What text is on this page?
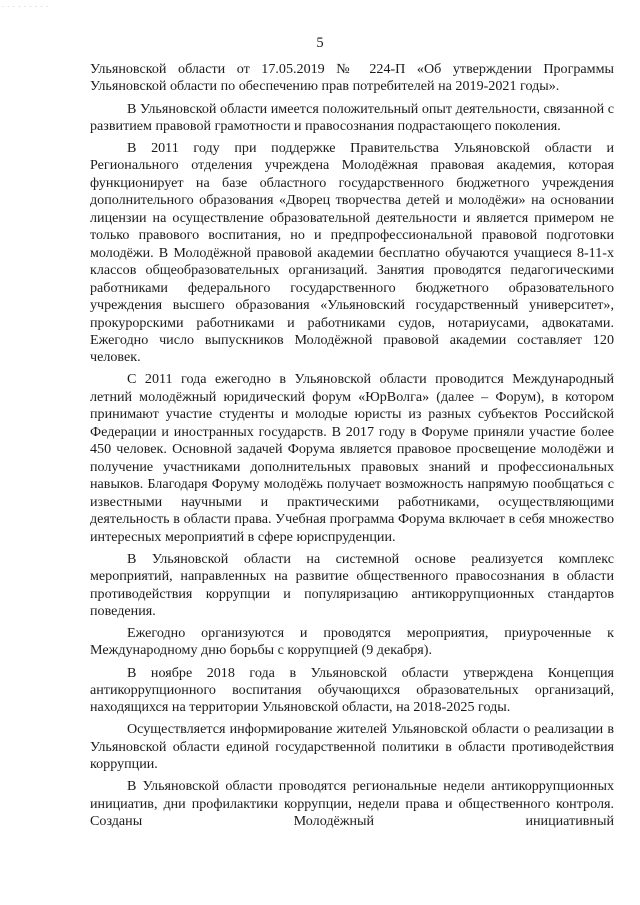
- - - - - - - - -
5

Ульяновской области от 17.05.2019 № 224-П «Об утверждении Программы Ульяновской области по обеспечению прав потребителей на 2019-2021 годы».

В Ульяновской области имеется положительный опыт деятельности, связанной с развитием правовой грамотности и правосознания подрастающего поколения.

В 2011 году при поддержке Правительства Ульяновской области и Регионального отделения учреждена Молодёжная правовая академия, которая функционирует на базе областного государственного бюджетного учреждения дополнительного образования «Дворец творчества детей и молодёжи» на основании лицензии на осуществление образовательной деятельности и является примером не только правового воспитания, но и предпрофессиональной правовой подготовки молодёжи. В Молодёжной правовой академии бесплатно обучаются учащиеся 8-11-х классов общеобразовательных организаций. Занятия проводятся педагогическими работниками федерального государственного бюджетного образовательного учреждения высшего образования «Ульяновский государственный университет», прокурорскими работниками и работниками судов, нотариусами, адвокатами. Ежегодно число выпускников Молодёжной правовой академии составляет 120 человек.

С 2011 года ежегодно в Ульяновской области проводится Международный летний молодёжный юридический форум «ЮрВолга» (далее – Форум), в котором принимают участие студенты и молодые юристы из разных субъектов Российской Федерации и иностранных государств. В 2017 году в Форуме приняли участие более 450 человек. Основной задачей Форума является правовое просвещение молодёжи и получение участниками дополнительных правовых знаний и профессиональных навыков. Благодаря Форуму молодёжь получает возможность напрямую пообщаться с известными научными и практическими работниками, осуществляющими деятельность в области права. Учебная программа Форума включает в себя множество интересных мероприятий в сфере юриспруденции.

В Ульяновской области на системной основе реализуется комплекс мероприятий, направленных на развитие общественного правосознания в области противодействия коррупции и популяризацию антикоррупционных стандартов поведения.

Ежегодно организуются и проводятся мероприятия, приуроченные к Международному дню борьбы с коррупцией (9 декабря).

В ноябре 2018 года в Ульяновской области утверждена Концепция антикоррупционного воспитания обучающихся образовательных организаций, находящихся на территории Ульяновской области, на 2018-2025 годы.

Осуществляется информирование жителей Ульяновской области о реализации в Ульяновской области единой государственной политики в области противодействия коррупции.

В Ульяновской области проводятся региональные недели антикоррупционных инициатив, дни профилактики коррупции, недели права и общественного контроля. Созданы Молодёжный инициативный
